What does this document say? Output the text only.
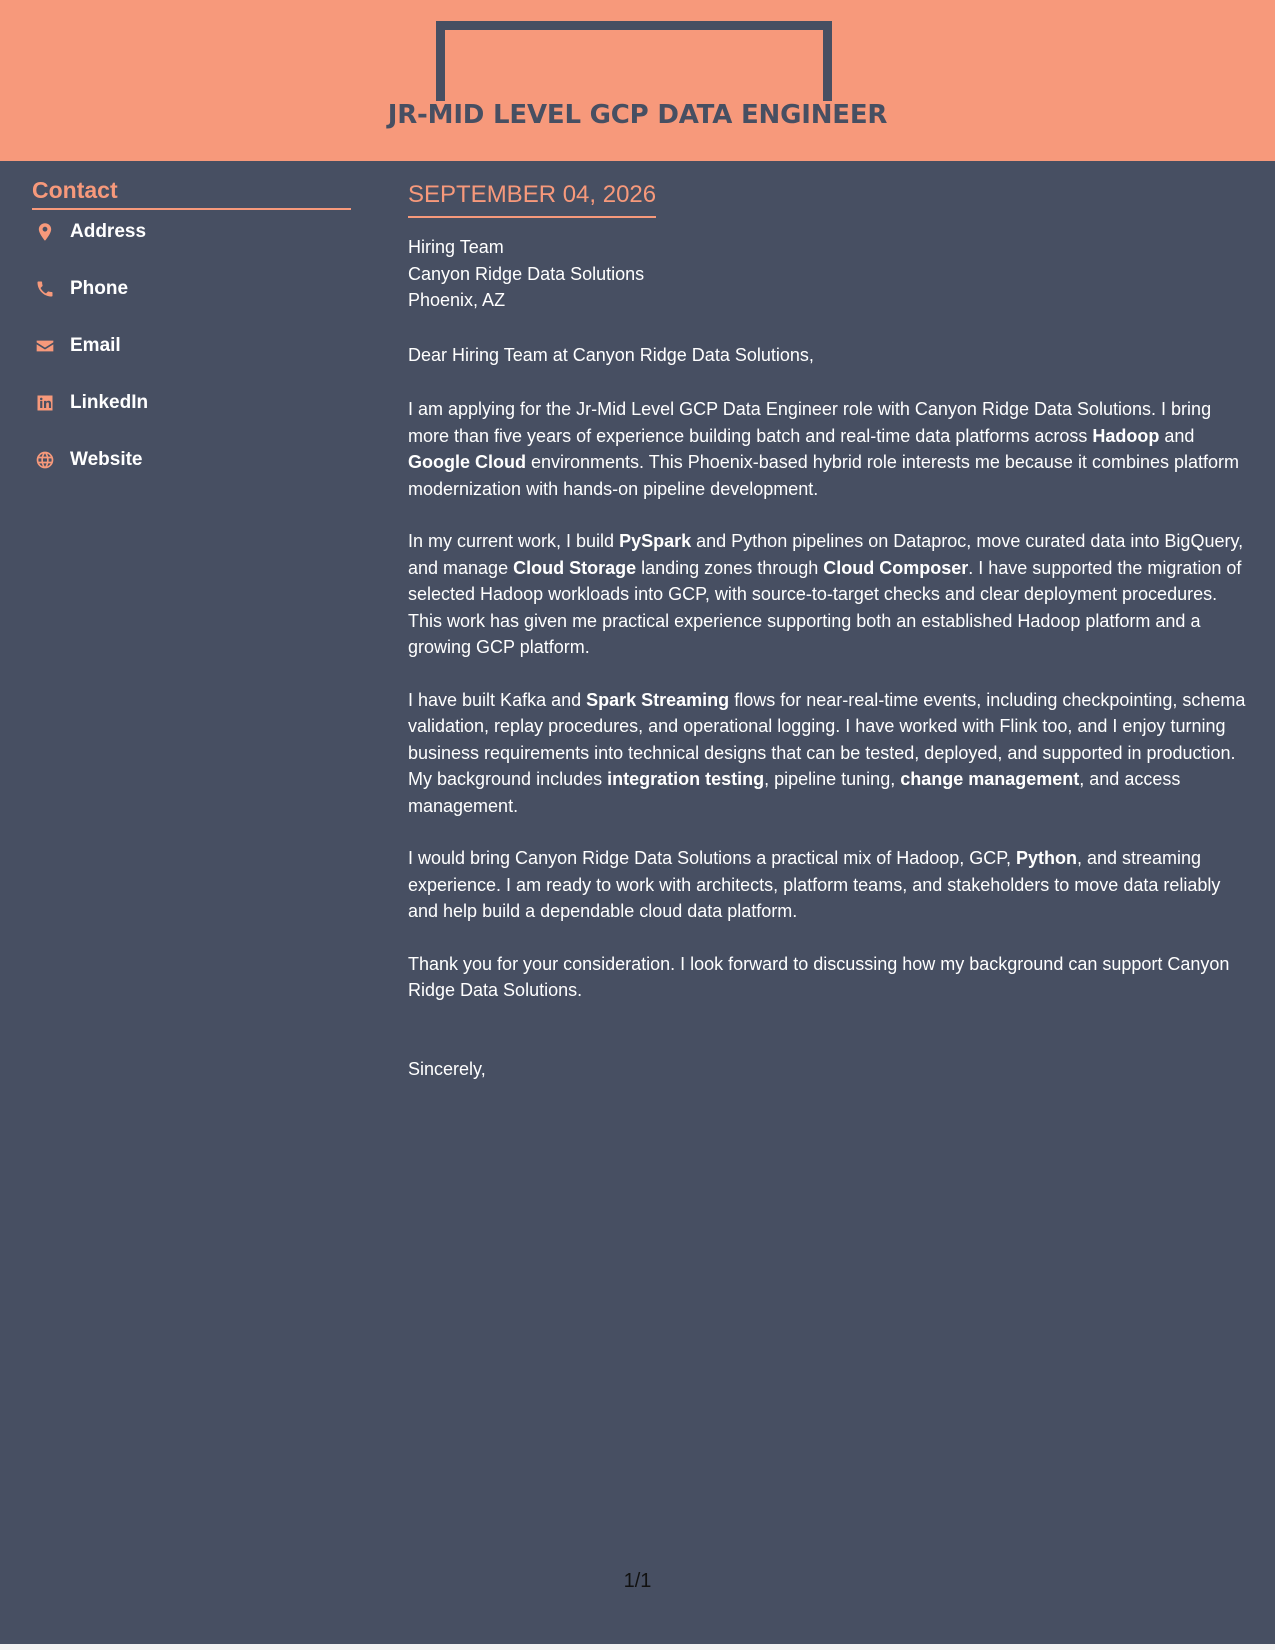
JR-MID LEVEL GCP DATA ENGINEER
Contact
Address
Phone
Email
LinkedIn
Website
SEPTEMBER 04, 2026

Hiring Team

Canyon Ridge Data Solutions

Phoenix, AZ

Dear Hiring Team at Canyon Ridge Data Solutions,

I am applying for the Jr-Mid Level GCP Data Engineer role with Canyon Ridge Data Solutions. I bring more than five years of experience building batch and real-time data platforms across Hadoop and Google Cloud environments. This Phoenix-based hybrid role interests me because it combines platform modernization with hands-on pipeline development.

In my current work, I build PySpark and Python pipelines on Dataproc, move curated data into BigQuery, and manage Cloud Storage landing zones through Cloud Composer. I have supported the migration of selected Hadoop workloads into GCP, with source-to-target checks and clear deployment procedures. This work has given me practical experience supporting both an established Hadoop platform and a growing GCP platform.

I have built Kafka and Spark Streaming flows for near-real-time events, including checkpointing, schema validation, replay procedures, and operational logging. I have worked with Flink too, and I enjoy turning business requirements into technical designs that can be tested, deployed, and supported in production. My background includes integration testing, pipeline tuning, change management, and access management.

I would bring Canyon Ridge Data Solutions a practical mix of Hadoop, GCP, Python, and streaming experience. I am ready to work with architects, platform teams, and stakeholders to move data reliably and help build a dependable cloud data platform.

Thank you for your consideration. I look forward to discussing how my background can support Canyon Ridge Data Solutions.

Sincerely,

1/1
